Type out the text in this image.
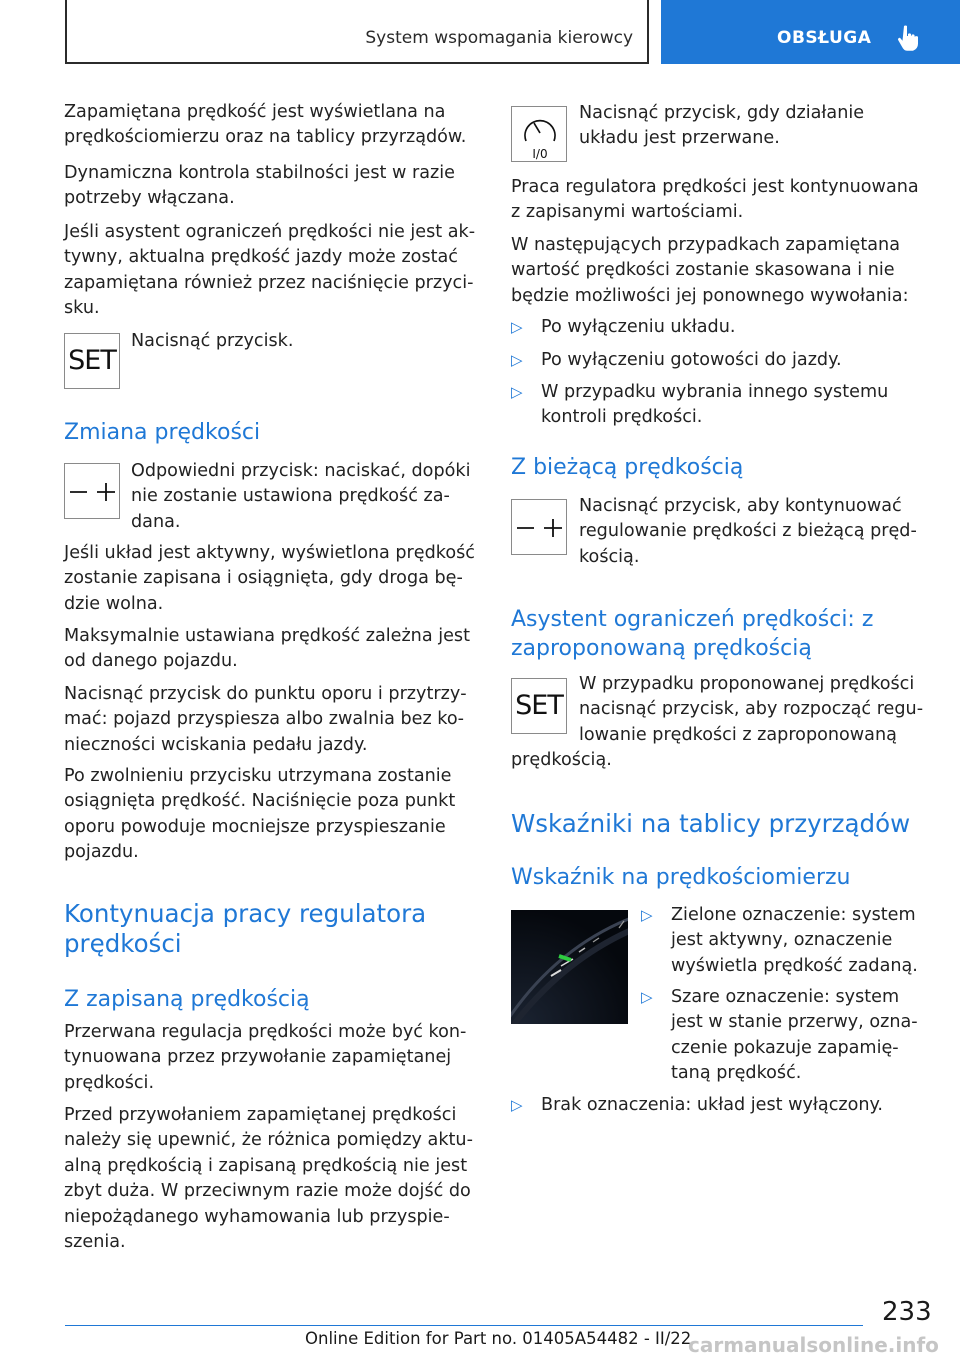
System wspomagania kierowcy	OBSŁUGA

Zapamiętana prędkość jest wyświetlana na prędkościomierzu oraz na tablicy przyrządów.

Dynamiczna kontrola stabilności jest w razie potrzeby włączana.

Jeśli asystent ograniczeń prędkości nie jest aktywny, aktualna prędkość jazdy może zostać zapamiętana również przez naciśnięcie przycisku.

SET

Nacisnąć przycisk.

Zmiana prędkości

Odpowiedni przycisk: naciskać, dopóki nie zostanie ustawiona prędkość zadana.

Jeśli układ jest aktywny, wyświetlona prędkość zostanie zapisana i osiągnięta, gdy droga będzie wolna.

Maksymalnie ustawiana prędkość zależna jest od danego pojazdu.

Nacisnąć przycisk do punktu oporu i przytrzymać: pojazd przyspiesza albo zwalnia bez konieczności wciskania pedału jazdy.

Po zwolnieniu przycisku utrzymana zostanie osiągnięta prędkość. Naciśnięcie poza punkt oporu powoduje mocniejsze przyspieszanie pojazdu.

Kontynuacja pracy regulatora prędkości
Z zapisaną prędkością

Przerwana regulacja prędkości może być kontynuowana przez przywołanie zapamiętanej prędkości.

Przed przywołaniem zapamiętanej prędkości należy się upewnić, że różnica pomiędzy aktualną prędkością i zapisaną prędkością nie jest zbyt duża. W przeciwnym razie może dojść do niepożądanego wyhamowania lub przyspieszenia.

I/0

Nacisnąć przycisk, gdy działanie układu jest przerwane.

Praca regulatora prędkości jest kontynuowana z zapisanymi wartościami.

W następujących przypadkach zapamiętana wartość prędkości zostanie skasowana i nie będzie możliwości jej ponownego wywołania:

▷ Po wyłączeniu układu.
▷ Po wyłączeniu gotowości do jazdy.
▷ W przypadku wybrania innego systemu kontroli prędkości.
Z bieżącą prędkością

Nacisnąć przycisk, aby kontynuować regulowanie prędkości z bieżącą prędkością.

Asystent ograniczeń prędkości: z zaproponowaną prędkością
SET
W przypadku proponowanej prędkości nacisnąć przycisk, aby rozpocząć regulowanie prędkości z zaproponowaną prędkością.
Wskaźniki na tablicy przyrządów
Wskaźnik na prędkościomierzu
▷ Zielone oznaczenie: system jest aktywny, oznaczenie wyświetla prędkość zadaną.
▷ Szare oznaczenie: system jest w stanie przerwy, oznaczenie pokazuje zapamiętaną prędkość.
▷ Brak oznaczenia: układ jest wyłączony.
233
Online Edition for Part no. 01405A54482 - II/22
carmanualsonline.info
